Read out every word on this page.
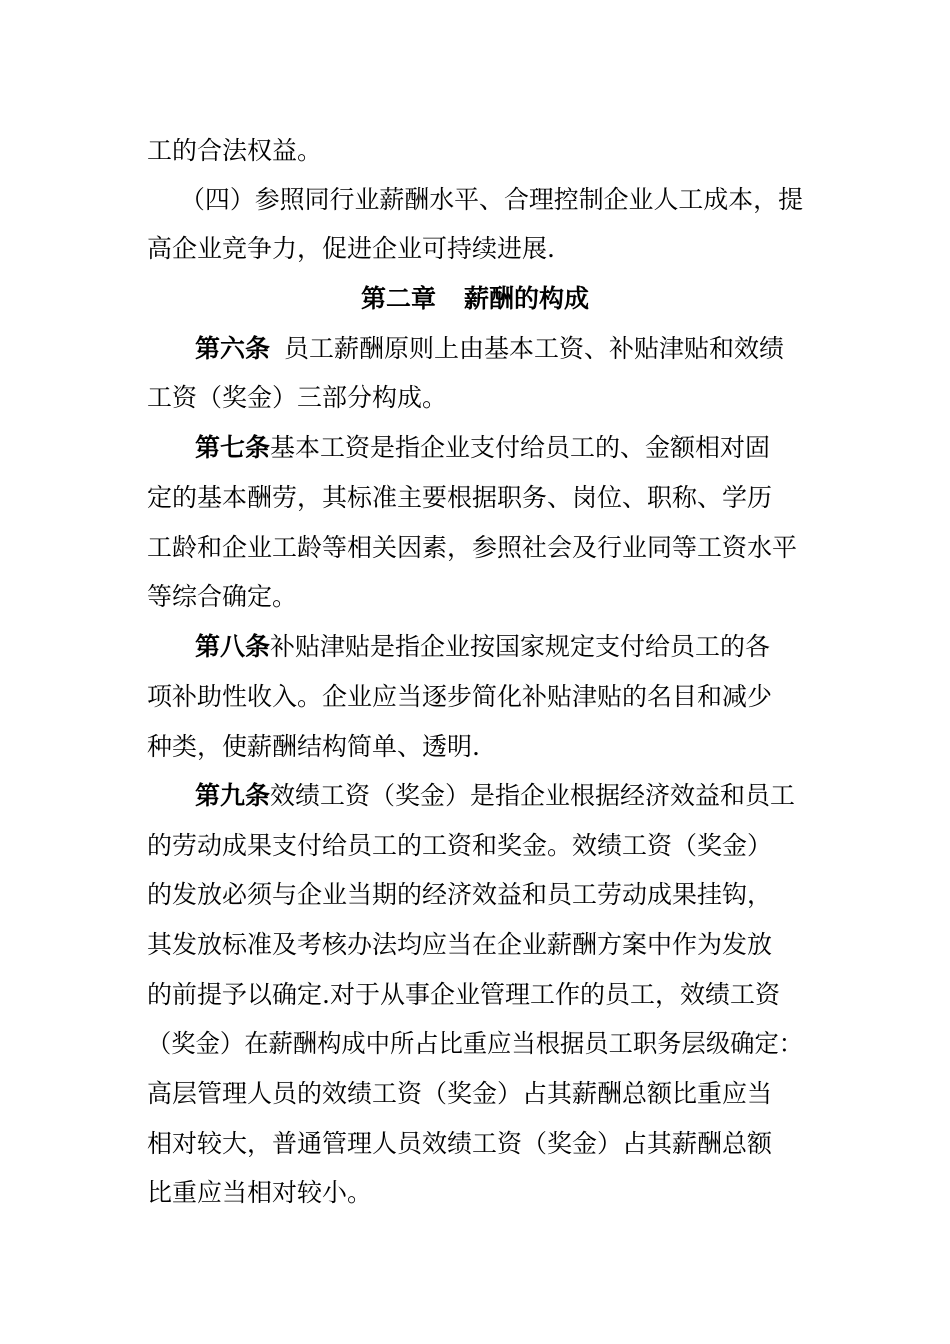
工的合法权益。
（四）参照同行业薪酬水平、合理控制企业人工成本，提
高企业竞争力，促进企业可持续进展.
第二章 薪酬的构成
第六条 员工薪酬原则上由基本工资、补贴津贴和效绩
工资（奖金）三部分构成。
第七条基本工资是指企业支付给员工的、金额相对固
定的基本酬劳，其标准主要根据职务、岗位、职称、学历
工龄和企业工龄等相关因素，参照社会及行业同等工资水平
等综合确定。
第八条补贴津贴是指企业按国家规定支付给员工的各
项补助性收入。企业应当逐步简化补贴津贴的名目和减少
种类，使薪酬结构简单、透明.
第九条效绩工资（奖金）是指企业根据经济效益和员工
的劳动成果支付给员工的工资和奖金。效绩工资（奖金）
的发放必须与企业当期的经济效益和员工劳动成果挂钩，
其发放标准及考核办法均应当在企业薪酬方案中作为发放
的前提予以确定.对于从事企业管理工作的员工，效绩工资
（奖金）在薪酬构成中所占比重应当根据员工职务层级确定：
高层管理人员的效绩工资（奖金）占其薪酬总额比重应当
相对较大，普通管理人员效绩工资（奖金）占其薪酬总额
比重应当相对较小。
